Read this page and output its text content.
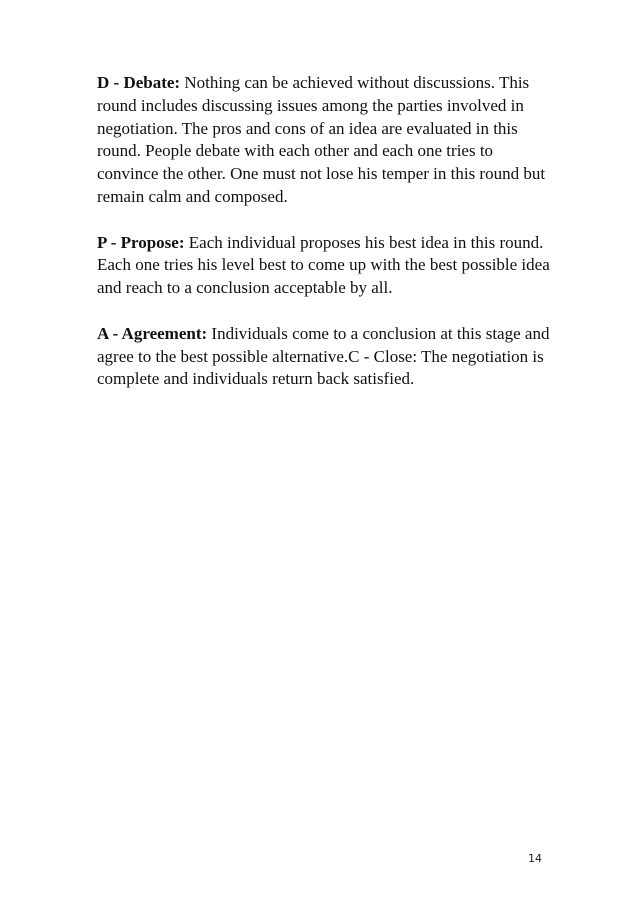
D - Debate: Nothing can be achieved without discussions. This round includes discussing issues among the parties involved in negotiation. The pros and cons of an idea are evaluated in this round. People debate with each other and each one tries to convince the other. One must not lose his temper in this round but remain calm and composed.

P - Propose: Each individual proposes his best idea in this round. Each one tries his level best to come up with the best possible idea and reach to a conclusion acceptable by all.

A - Agreement: Individuals come to a conclusion at this stage and agree to the best possible alternative.C - Close: The negotiation is complete and individuals return back satisfied.

14
